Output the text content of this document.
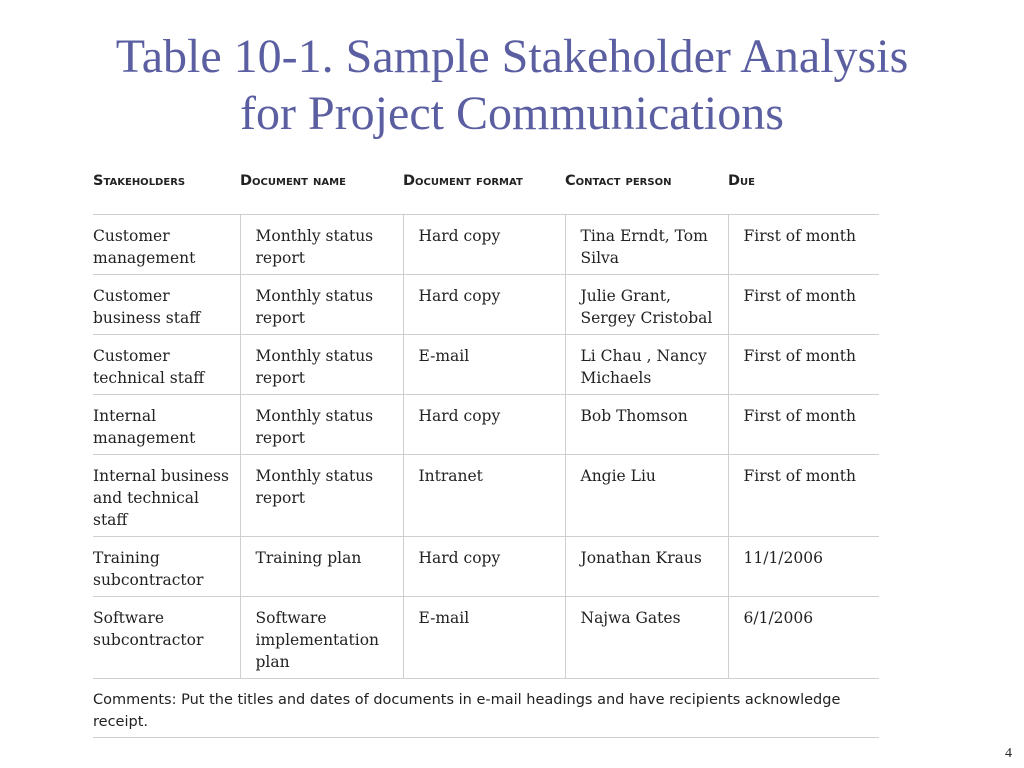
Table 10-1. Sample Stakeholder Analysis
for Project Communications
Stakeholders	document name	document format	contact person	due
Customer management	Monthly status report	Hard copy	Tina Erndt, Tom Silva	First of month
Customer business staff	Monthly status report	Hard copy	Julie Grant, Sergey Cristobal	First of month
Customer technical staff	Monthly status report	E-mail	Li Chau , Nancy Michaels	First of month
Internal management	Monthly status report	Hard copy	Bob Thomson	First of month
Internal business and technical staff	Monthly status report	Intranet	Angie Liu	First of month
Training subcontractor	Training plan	Hard copy	Jonathan Kraus	11/1/2006
Software subcontractor	Software implementation plan	E-mail	Najwa Gates	6/1/2006
Comments: Put the titles and dates of documents in e-mail headings and have recipients acknowledge receipt.
4
